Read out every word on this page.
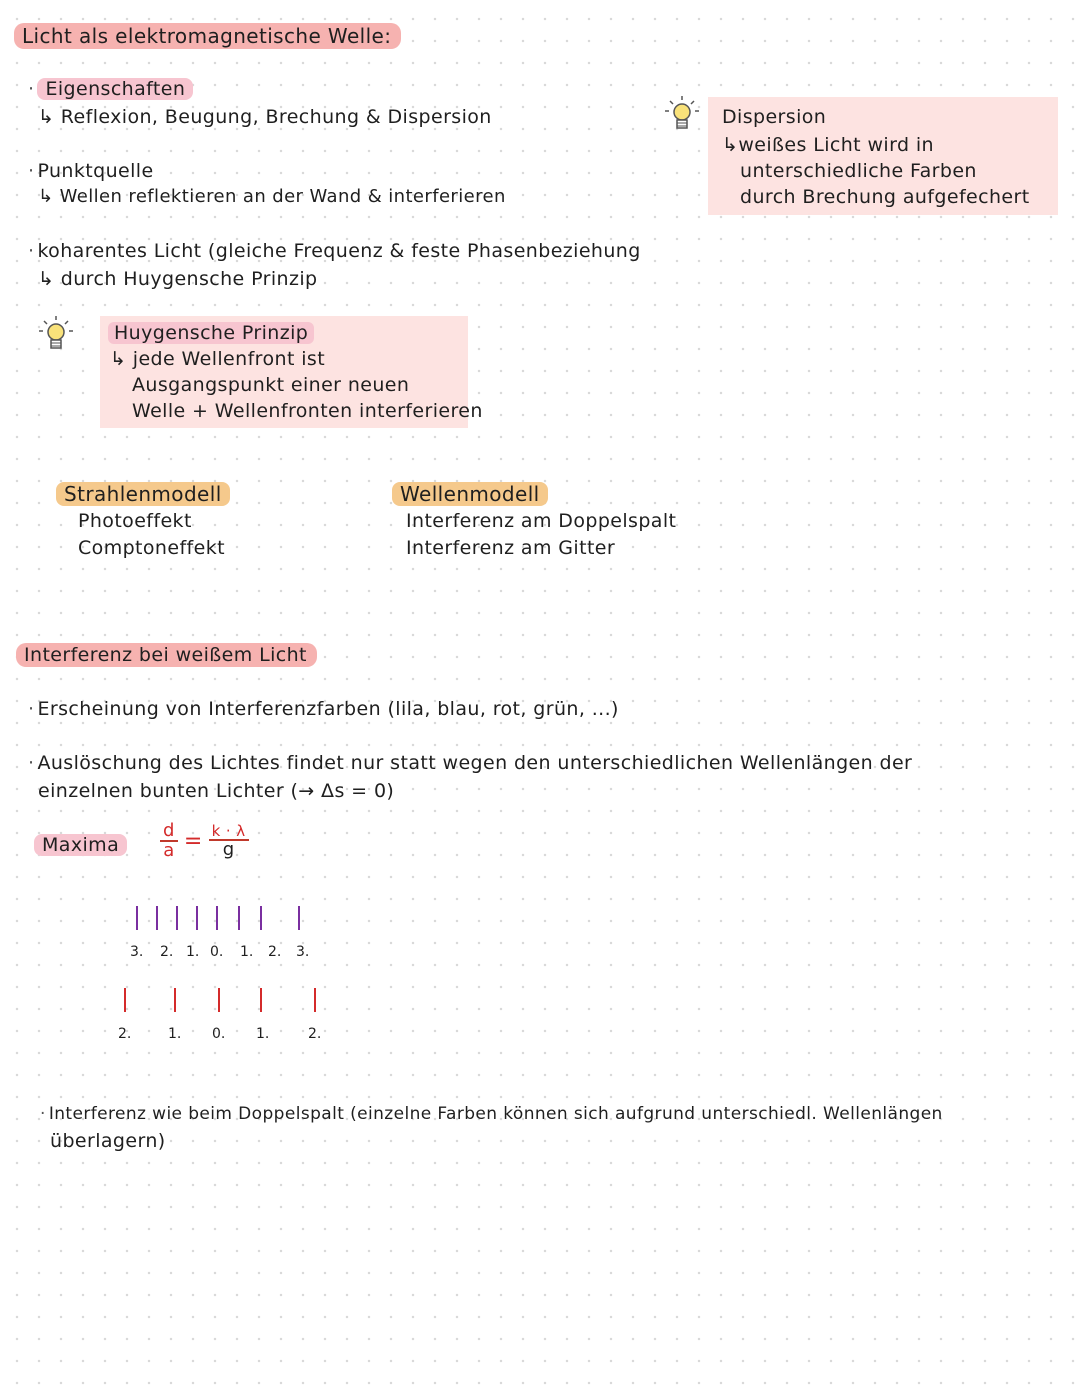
Licht als elektromagnetische Welle:
· Eigenschaften
↳ Reflexion, Beugung, Brechung & Dispersion
· Punktquelle
↳ Wellen reflektieren an der Wand & interferieren
Dispersion
↳weißes Licht wird in
unterschiedliche Farben
durch Brechung aufgefechert
· koharentes Licht (gleiche Frequenz & feste Phasenbeziehung
↳ durch Huygensche Prinzip
Huygensche Prinzip
↳ jede Wellenfront ist
Ausgangspunkt einer neuen
Welle + Wellenfronten interferieren
Strahlenmodell
Photoeffekt
Comptoneffekt
Wellenmodell
Interferenz am Doppelspalt
Interferenz am Gitter
Interferenz bei weißem Licht
· Erscheinung von Interferenzfarben (lila, blau, rot, grün, ...)
· Auslöschung des Lichtes findet nur statt wegen den unterschiedlichen Wellenlängen der
einzelnen bunten Lichter (→ Δs = 0)
Maxima	$\frac{d}{a} = \frac{k \cdot \lambda}{g}$
3. 2. 1. 0. 1. 2. 3.
2.	1. 0. 1.	2.
· Interferenz wie beim Doppelspalt (einzelne Farben können sich aufgrund unterschiedl. Wellenlängen
überlagern)
